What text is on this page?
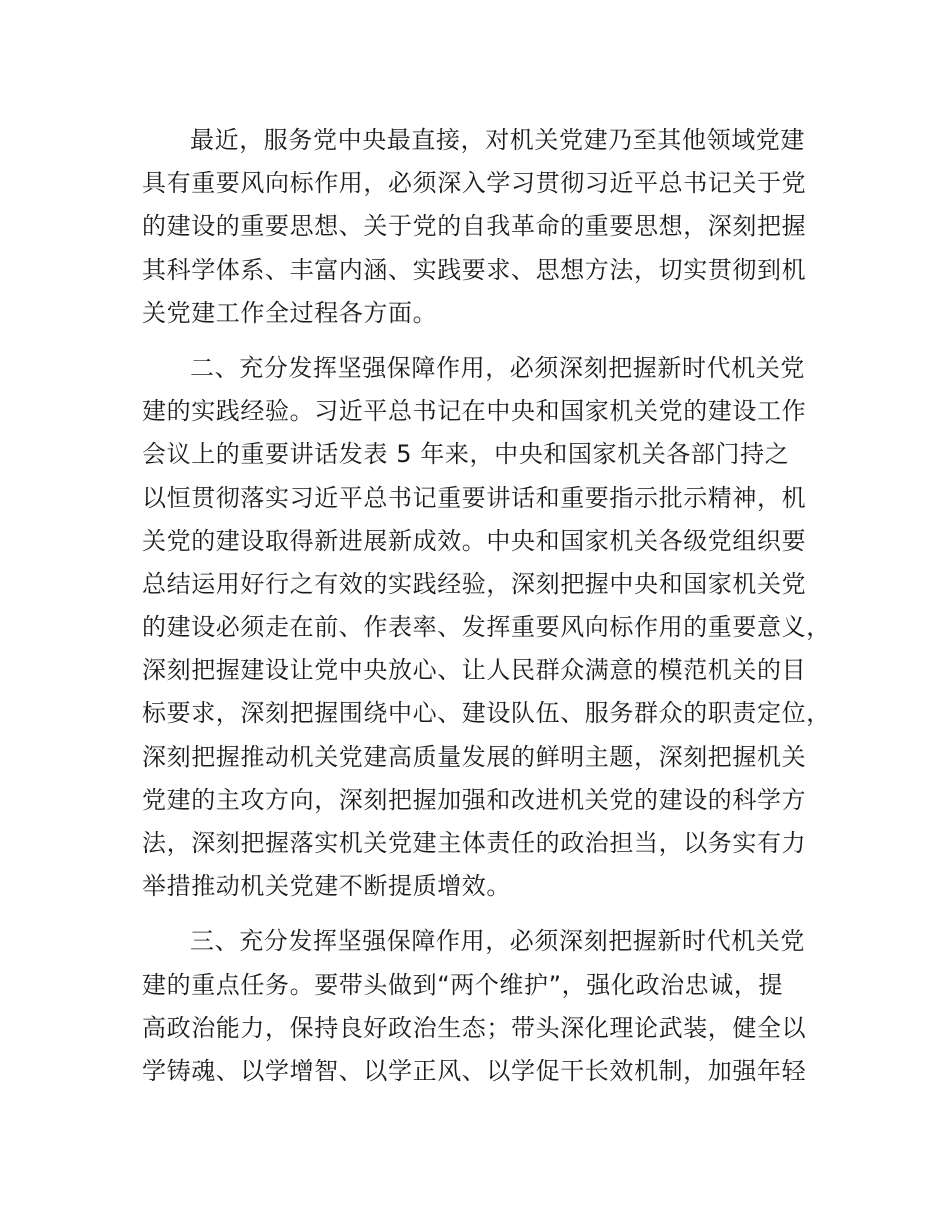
最近，服务党中央最直接，对机关党建乃至其他领域党建
具有重要风向标作用，必须深入学习贯彻习近平总书记关于党
的建设的重要思想、关于党的自我革命的重要思想，深刻把握
其科学体系、丰富内涵、实践要求、思想方法，切实贯彻到机
关党建工作全过程各方面。

二、充分发挥坚强保障作用，必须深刻把握新时代机关党
建的实践经验。习近平总书记在中央和国家机关党的建设工作
会议上的重要讲话发表 5 年来，中央和国家机关各部门持之
以恒贯彻落实习近平总书记重要讲话和重要指示批示精神，机
关党的建设取得新进展新成效。中央和国家机关各级党组织要
总结运用好行之有效的实践经验，深刻把握中央和国家机关党
的建设必须走在前、作表率、发挥重要风向标作用的重要意义，
深刻把握建设让党中央放心、让人民群众满意的模范机关的目
标要求，深刻把握围绕中心、建设队伍、服务群众的职责定位，
深刻把握推动机关党建高质量发展的鲜明主题，深刻把握机关
党建的主攻方向，深刻把握加强和改进机关党的建设的科学方
法，深刻把握落实机关党建主体责任的政治担当，以务实有力
举措推动机关党建不断提质增效。

三、充分发挥坚强保障作用，必须深刻把握新时代机关党
建的重点任务。要带头做到“两个维护”，强化政治忠诚，提
高政治能力，保持良好政治生态；带头深化理论武装，健全以
学铸魂、以学增智、以学正风、以学促干长效机制，加强年轻
